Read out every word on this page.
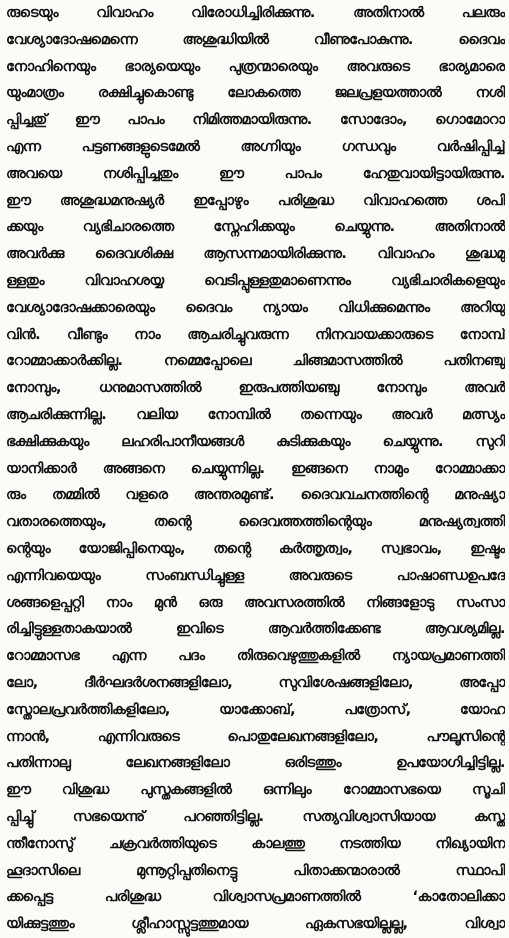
രുടെയും വിവാഹം വിരോധിച്ചിരിക്കുന്നു. അതിനാൽ പലരും
വേശ്യാദോഷമെന്നെ അശുദ്ധിയിൽ വീണുപോകുന്നു. ദൈവം
നോഹിനെയും ഭാര്യയെയും പുത്രന്മാരെയും അവരുടെ ഭാര്യമാരെ
യുംമാത്രം രക്ഷിച്ചുകൊണ്ടു ലോകത്തെ ജലപ്രളയത്താൽ നശി
പ്പിച്ചതു് ഈ പാപം നിമിത്തമായിരുന്നു. സോദോം, ഗൊമോറാ
എന്ന പട്ടണങ്ങളുടെമേൽ അഗ്നിയും ഗന്ധവും വർഷിപ്പിച്ച്
അവയെ നശിപ്പിച്ചതും ഈ പാപം ഹേതുവായിട്ടായിരുന്നു.
ഈ അശുദ്ധമനുഷ്യർ ഇപ്പോഴും പരിശുദ്ധ വിവാഹത്തെ ശപി
ക്കയും വ്യഭിചാരത്തെ സ്നേഹിക്കയും ചെയ്യുന്നു. അതിനാൽ
അവർക്കു ദൈവശിക്ഷ ആസന്നമായിരിക്കുന്നു. വിവാഹം ശുദ്ധമു
ള്ളതും വിവാഹശയ്യ വെടിപ്പുള്ളതുമാണെന്നും വ്യഭിചാരികളെയും
വേശ്യാദോഷക്കാരെയും ദൈവം ന്യായം വിധിക്കുമെന്നും അറിയു
വിൻ. വീണ്ടും നാം ആചരിച്ചുവരുന്ന നിനവായക്കാരുടെ നോമ്പ്
റോമ്മാക്കാർക്കില്ല. നമ്മെപ്പോലെ ചിങ്ങമാസത്തിൽ പതിനഞ്ചു
നോമ്പും, ധനുമാസത്തിൽ ഇരുപത്തിയഞ്ചു നോമ്പും അവർ
ആചരിക്കുന്നില്ല. വലിയ നോമ്പിൽ തന്നെയും അവർ മത്സ്യം
ഭക്ഷിക്കുകയും ലഹരിപാനീയങ്ങൾ കുടിക്കുകയും ചെയ്യുന്നു. സുറി
യാനിക്കാർ അങ്ങനെ ചെയ്യുന്നില്ല. ഇങ്ങനെ നാമും റോമ്മാക്കാ
രും തമ്മിൽ വളരെ അന്തരമുണ്ട്. ദൈവവചനത്തിന്റെ മനുഷ്യാ
വതാരത്തെയും, തന്റെ ദൈവത്തത്തിന്റെയും മനുഷ്യത്വത്തി
ന്റെയും യോജിപ്പിനെയും, തന്റെ കർത്തൃത്വം, സ്വഭാവം, ഇഷ്ടം
എന്നിവയെയും സംബന്ധിച്ചുള്ള അവരുടെ പാഷാണ്ഡഉപദേ
ശങ്ങളെപ്പറ്റി നാം മുൻ ഒരു അവസരത്തിൽ നിങ്ങളോടു സംസാ
രിച്ചിട്ടുള്ളതാകയാൽ ഇവിടെ ആവർത്തിക്കേണ്ട ആവശ്യമില്ല.
റോമ്മാസഭ എന്ന പദം തിരുവെഴുത്തുകളിൽ ന്യായപ്രമാണത്തി
ലോ, ദീർഘദർശനങ്ങളിലോ, സുവിശേഷങ്ങളിലോ, അപ്പോ
സ്തോലപ്രവർത്തികളിലോ, യാക്കോബ്, പത്രോസ്, യോഹ
ന്നാൻ, എന്നിവരുടെ പൊതുലേഖനങ്ങളിലോ, പൗലൂസിന്റെ
പതിന്നാലു ലേഖനങ്ങളിലോ ഒരിടത്തും ഉപയോഗിച്ചിട്ടില്ല.
ഈ വിശുദ്ധ പുസ്തകങ്ങളിൽ ഒന്നിലും റോമ്മാസഭയെ സൂചി
പ്പിച്ചു് സഭയെന്നു് പറഞ്ഞിട്ടില്ല. സത്യവിശ്വാസിയായ കസ്ത
ന്തീനോസു് ചക്രവർത്തിയുടെ കാലത്തു നടത്തിയ നിഖ്യായിന
ഹൂദാസിലെ മുന്നൂറ്റിപ്പതിനെട്ടു പിതാക്കന്മാരാൽ സ്ഥാപി
ക്കപ്പെട്ട പരിശുദ്ധ വിശ്വാസപ്രമാണത്തിൽ ‘കാതോലിക്കാ
യിക്കുട്ടത്തും ശ്ലീഹാസ്സുട്ടത്തുമായ ഏകസഭയില്ലല്ല, വിശ്വാ
